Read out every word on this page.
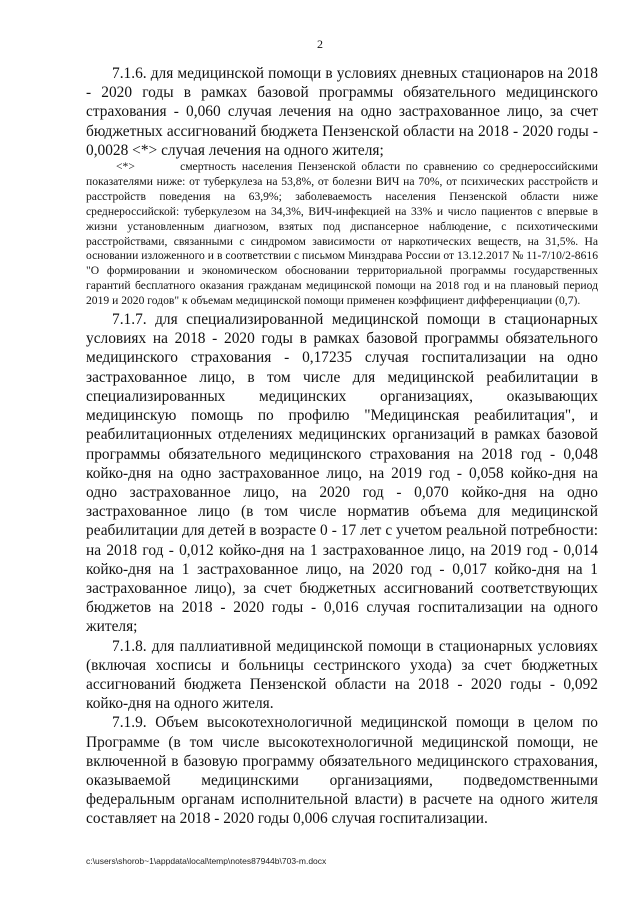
2

7.1.6. для медицинской помощи в условиях дневных стационаров на 2018 - 2020 годы в рамках базовой программы обязательного медицинского страхования - 0,060 случая лечения на одно застрахованное лицо, за счет бюджетных ассигнований бюджета Пензенской области на 2018 - 2020 годы - 0,0028 <*> случая лечения на одного жителя;

<*>	смертность населения Пензенской области по сравнению со среднероссийскими показателями ниже: от туберкулеза на 53,8%, от болезни ВИЧ на 70%, от психических расстройств и расстройств поведения на 63,9%; заболеваемость населения Пензенской области ниже среднероссийской: туберкулезом на 34,3%, ВИЧ-инфекцией на 33% и число пациентов с впервые в жизни установленным диагнозом, взятых под диспансерное наблюдение, с психотическими расстройствами, связанными с синдромом зависимости от наркотических веществ, на 31,5%. На основании изложенного и в соответствии с письмом Минздрава России от 13.12.2017 № 11-7/10/2-8616 "О формировании и экономическом обосновании территориальной программы государственных гарантий бесплатного оказания гражданам медицинской помощи на 2018 год и на плановый период 2019 и 2020 годов" к объемам медицинской помощи применен коэффициент дифференциации (0,7).

7.1.7. для специализированной медицинской помощи в стационарных условиях на 2018 - 2020 годы в рамках базовой программы обязательного медицинского страхования - 0,17235 случая госпитализации на одно застрахованное лицо, в том числе для медицинской реабилитации в специализированных медицинских организациях, оказывающих медицинскую помощь по профилю "Медицинская реабилитация", и реабилитационных отделениях медицинских организаций в рамках базовой программы обязательного медицинского страхования на 2018 год - 0,048 койко-дня на одно застрахованное лицо, на 2019 год - 0,058 койко-дня на одно застрахованное лицо, на 2020 год - 0,070 койко-дня на одно застрахованное лицо (в том числе норматив объема для медицинской реабилитации для детей в возрасте 0 - 17 лет с учетом реальной потребности: на 2018 год - 0,012 койко-дня на 1 застрахованное лицо, на 2019 год - 0,014 койко-дня на 1 застрахованное лицо, на 2020 год - 0,017 койко-дня на 1 застрахованное лицо), за счет бюджетных ассигнований соответствующих бюджетов на 2018 - 2020 годы - 0,016 случая госпитализации на одного жителя;

7.1.8. для паллиативной медицинской помощи в стационарных условиях (включая хосписы и больницы сестринского ухода) за счет бюджетных ассигнований бюджета Пензенской области на 2018 - 2020 годы - 0,092 койко-дня на одного жителя.

7.1.9. Объем высокотехнологичной медицинской помощи в целом по Программе (в том числе высокотехнологичной медицинской помощи, не включенной в базовую программу обязательного медицинского страхования, оказываемой медицинскими организациями, подведомственными федеральным органам исполнительной власти) в расчете на одного жителя составляет на 2018 - 2020 годы 0,006 случая госпитализации.

c:\users\shorob~1\appdata\local\temp\notes87944b\703-m.docx
